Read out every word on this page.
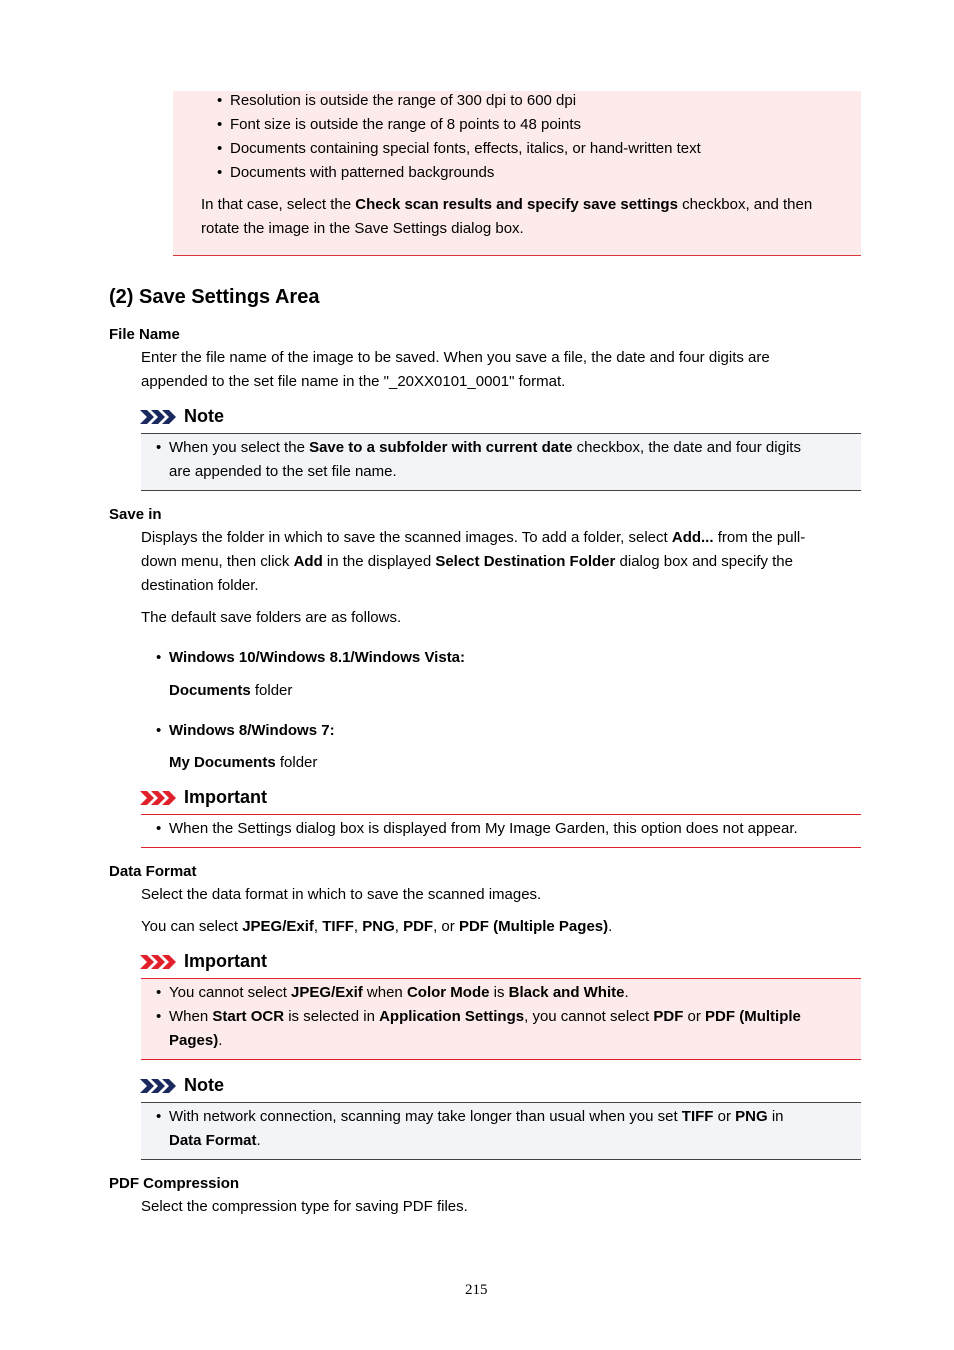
• Resolution is outside the range of 300 dpi to 600 dpi
• Font size is outside the range of 8 points to 48 points
• Documents containing special fonts, effects, italics, or hand-written text
• Documents with patterned backgrounds
In that case, select the Check scan results and specify save settings checkbox, and then
rotate the image in the Save Settings dialog box.
(2) Save Settings Area
File Name
Enter the file name of the image to be saved. When you save a file, the date and four digits are
appended to the set file name in the "_20XX0101_0001" format.
Note
• When you select the Save to a subfolder with current date checkbox, the date and four digits
are appended to the set file name.
Save in
Displays the folder in which to save the scanned images. To add a folder, select Add... from the pull-
down menu, then click Add in the displayed Select Destination Folder dialog box and specify the
destination folder.
The default save folders are as follows.
• Windows 10/Windows 8.1/Windows Vista:
Documents folder
• Windows 8/Windows 7:
My Documents folder
Important
• When the Settings dialog box is displayed from My Image Garden, this option does not appear.
Data Format
Select the data format in which to save the scanned images.
You can select JPEG/Exif, TIFF, PNG, PDF, or PDF (Multiple Pages).
Important
• You cannot select JPEG/Exif when Color Mode is Black and White.
• When Start OCR is selected in Application Settings, you cannot select PDF or PDF (Multiple
Pages).
Note
• With network connection, scanning may take longer than usual when you set TIFF or PNG in
Data Format.
PDF Compression
Select the compression type for saving PDF files.
215
